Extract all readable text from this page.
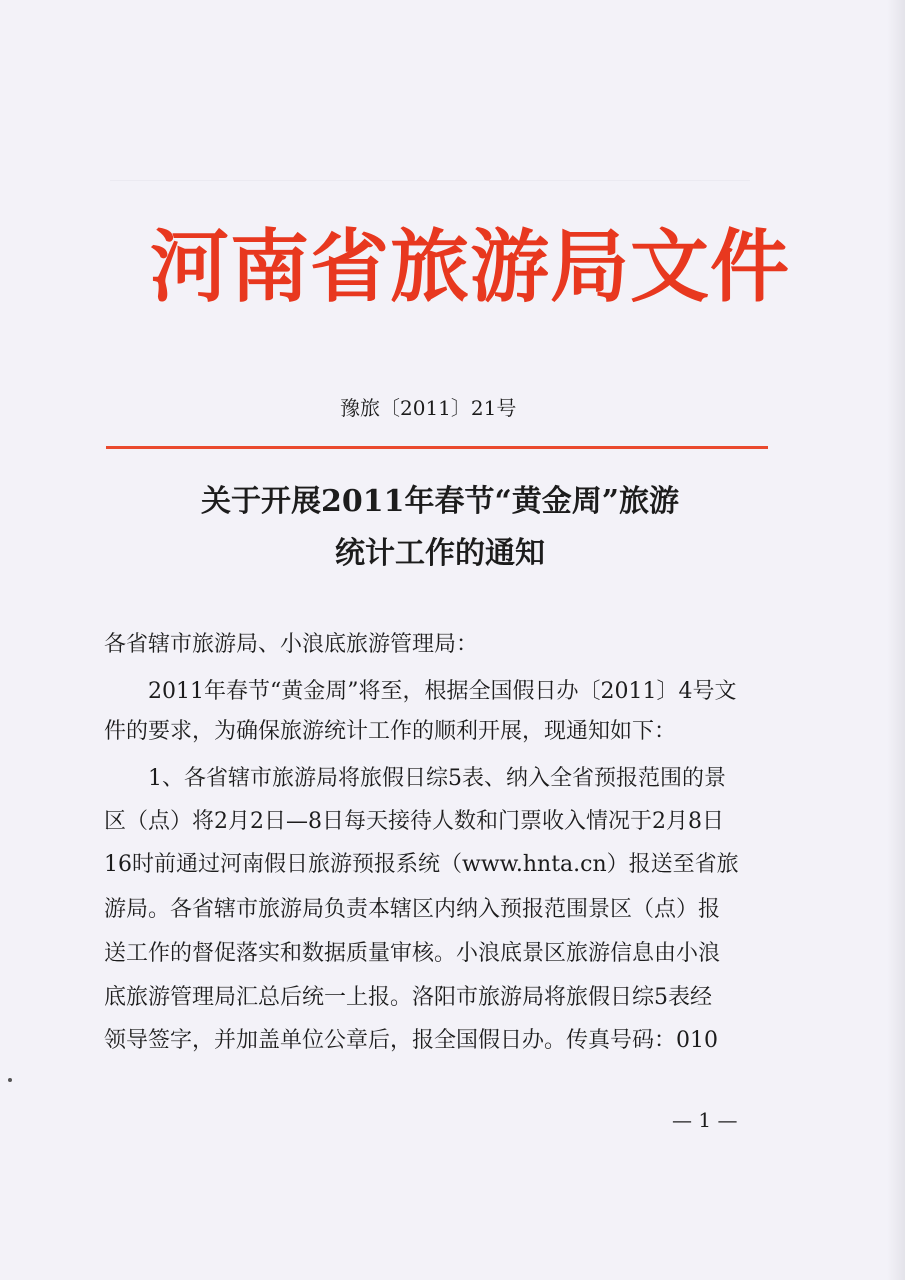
河南省旅游局文件
豫旅〔2011〕21号
关于开展2011年春节“黄金周”旅游
统计工作的通知
各省辖市旅游局、小浪底旅游管理局：
　　2011年春节“黄金周”将至，根据全国假日办〔2011〕4号文
件的要求，为确保旅游统计工作的顺利开展，现通知如下：
　　1、各省辖市旅游局将旅假日综5表、纳入全省预报范围的景
区（点）将2月2日—8日每天接待人数和门票收入情况于2月8日
16时前通过河南假日旅游预报系统（www.hnta.cn）报送至省旅
游局。各省辖市旅游局负责本辖区内纳入预报范围景区（点）报
送工作的督促落实和数据质量审核。小浪底景区旅游信息由小浪
底旅游管理局汇总后统一上报。洛阳市旅游局将旅假日综5表经
领导签字，并加盖单位公章后，报全国假日办。传真号码：010
— 1 —
